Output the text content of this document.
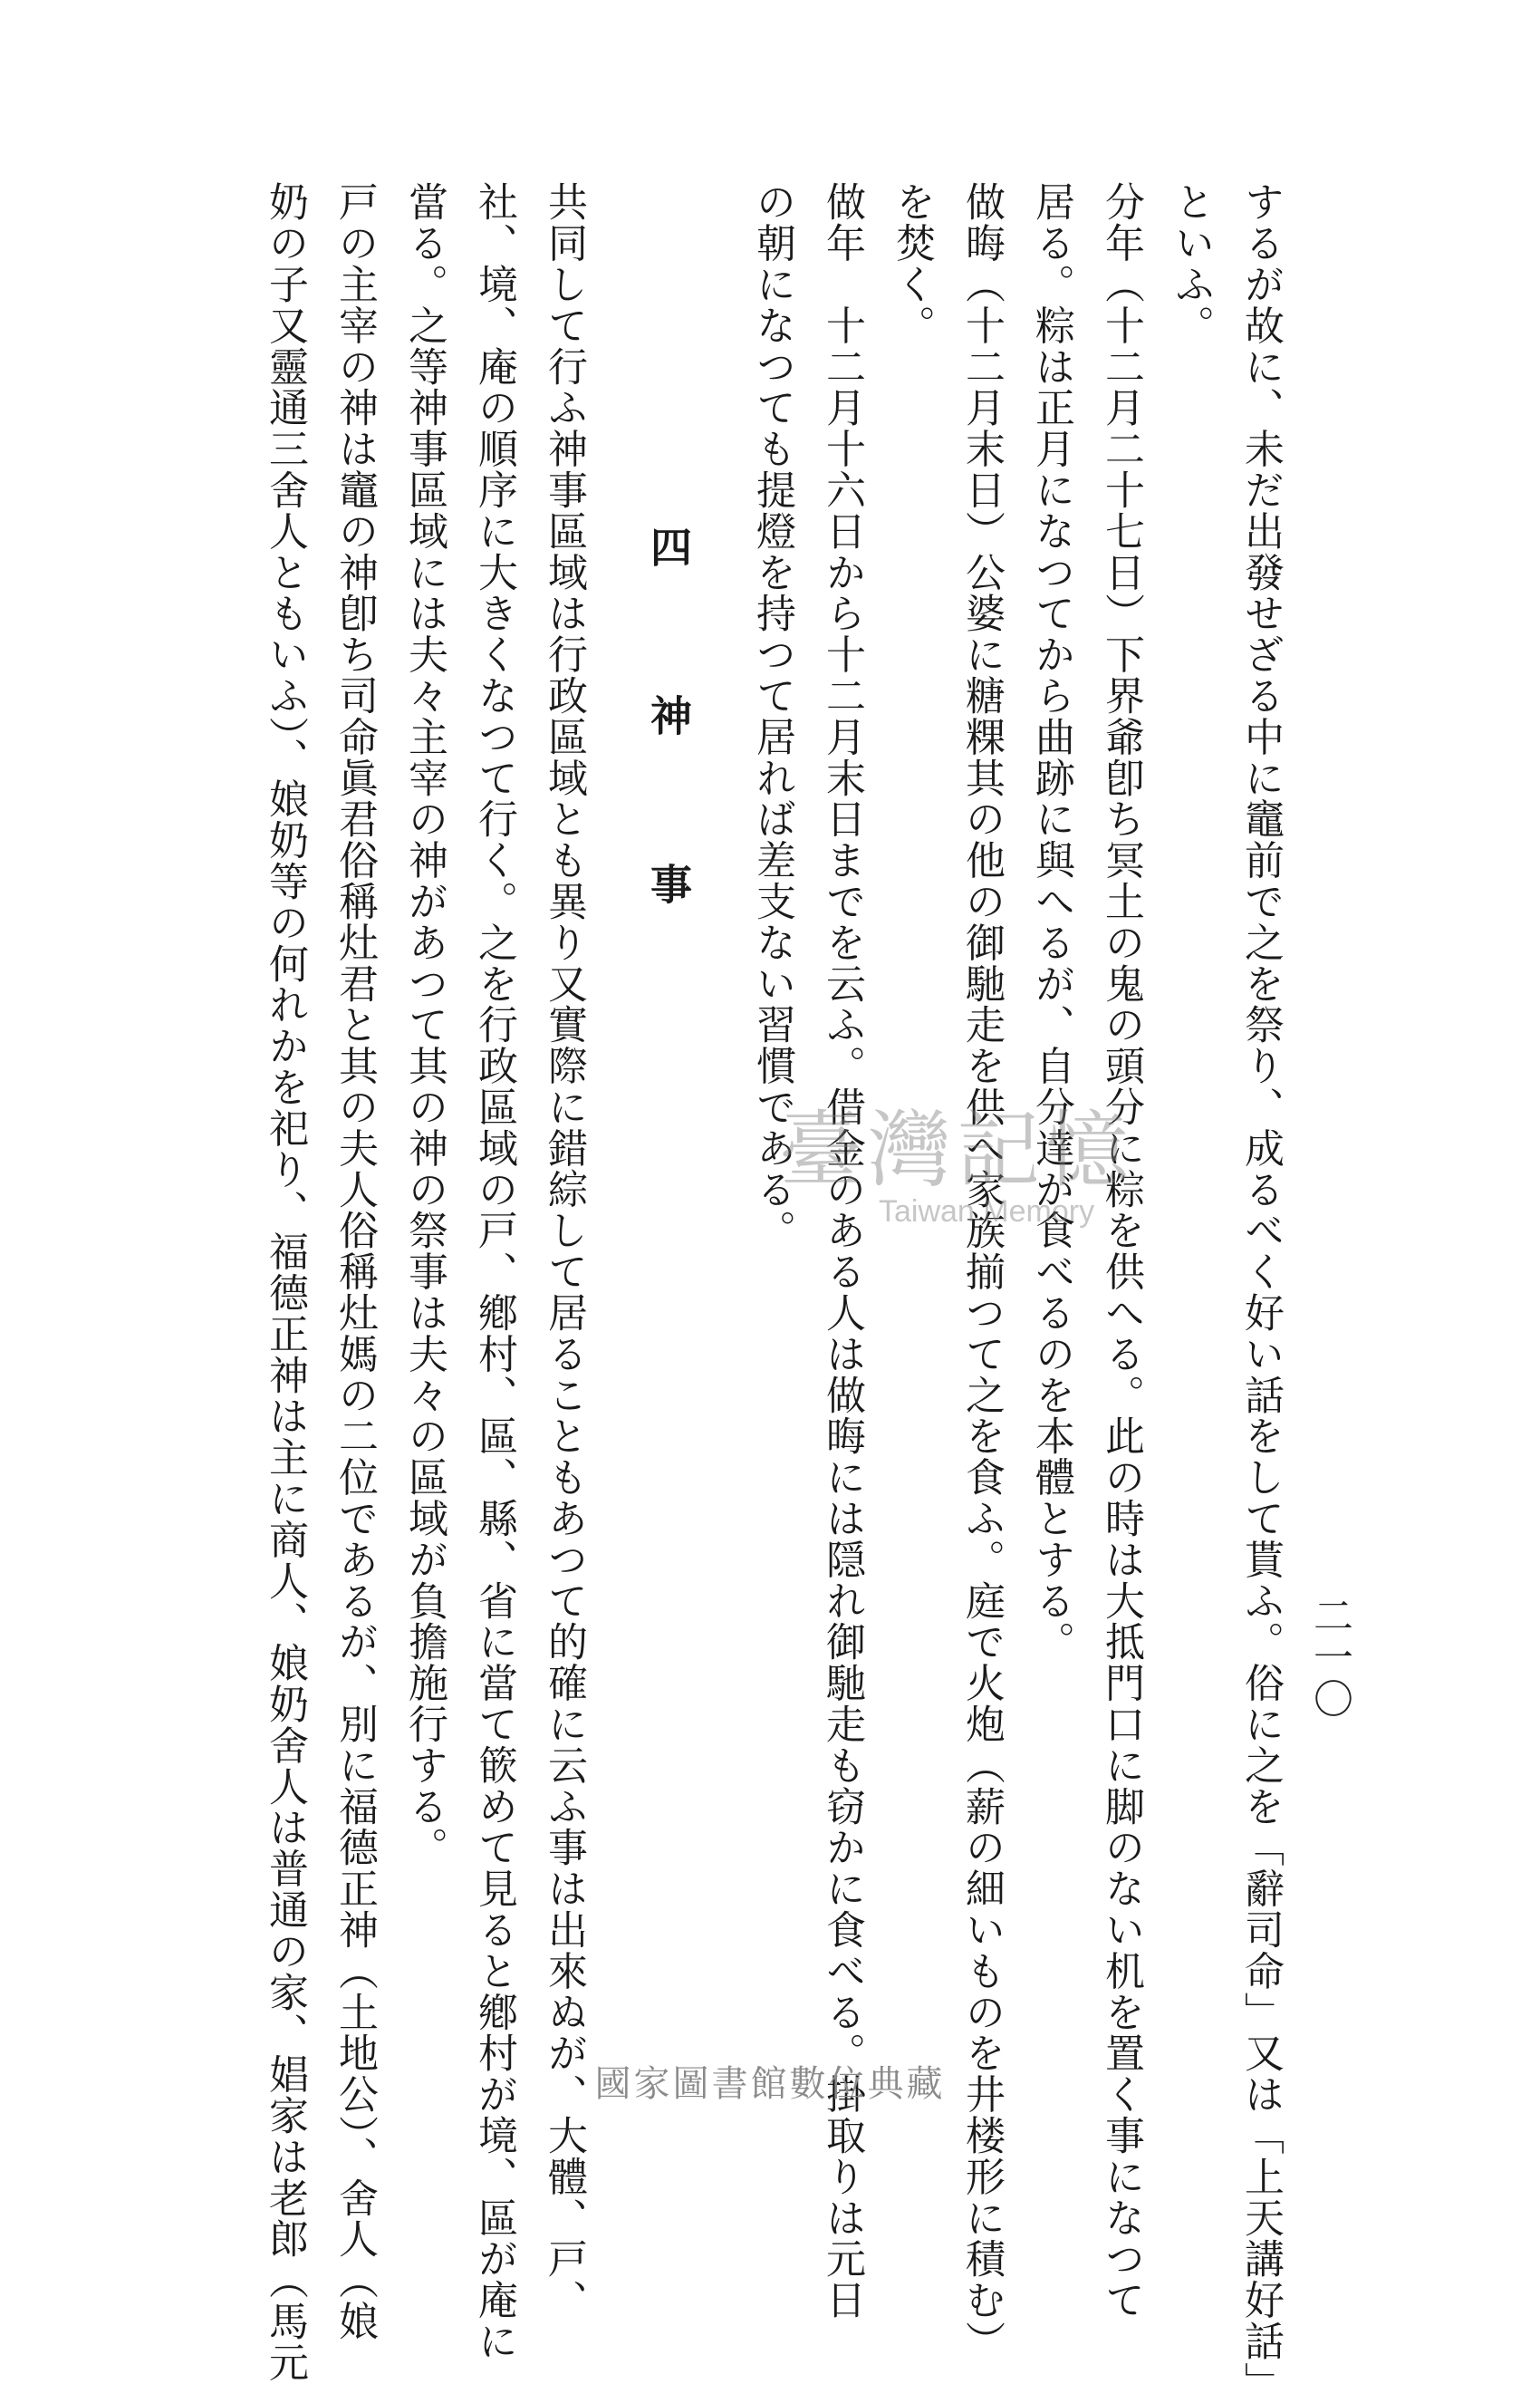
二一〇

するが故に、未だ出發せざる中に竈前で之を祭り、成るべく好い話をして貰ふ。俗に之を「辭司命」又は「上天講好話」

といふ。

分年（十二月二十七日）下界爺卽ち冥土の鬼の頭分に粽を供へる。此の時は大抵門口に脚のない机を置く事になつて

居る。粽は正月になつてから曲跡に與へるが、自分達が食べるのを本體とする。

做晦（十二月末日）公婆に糖粿其の他の御馳走を供へ家族揃つて之を食ふ。庭で火炮（薪の細いものを井楼形に積む）

を焚く。

做年　十二月十六日から十二月末日までを云ふ。借金のある人は做晦には隠れ御馳走も窃かに食べる。掛取りは元日

の朝になつても提燈を持つて居れば差支ない習慣である。

四神事

共同して行ふ神事區域は行政區域とも異り又實際に錯綜して居ることもあつて的確に云ふ事は出來ぬが、大體、戸、

社、境、庵の順序に大きくなつて行く。之を行政區域の戸、鄕村、區、縣、省に當て篏めて見ると鄕村が境、區が庵に

當る。之等神事區域には夫々主宰の神があつて其の神の祭事は夫々の區域が負擔施行する。

戸の主宰の神は竈の神卽ち司命眞君俗稱灶君と其の夫人俗稱灶媽の二位であるが、別に福德正神（土地公）、舍人（娘

奶の子又靈通三舍人ともいふ）、娘奶等の何れかを祀り、福德正神は主に商人、娘奶舍人は普通の家、娼家は老郎（馬元	臺灣記憶
Taiwan Memory
國家圖書館數位典藏
